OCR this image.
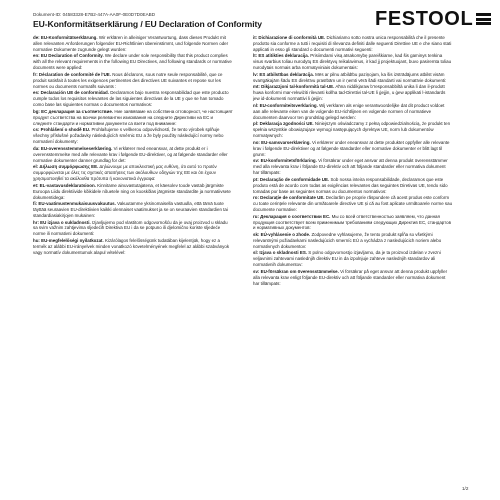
Dokument-ID: 04583328-E7B2-447A-AA0F-0E0D7D0EABD
EU-Konformitätserklärung / EU Declaration of Conformity	FESTOOL

de: EU-Konformitätserklärung. Wir erklären in alleiniger Verantwortung, dass dieses Produkt mit allen relevanten Anforderungen folgender EU-Richtlinien übereinstimmt, und folgende Normen oder normative Dokumente zugrunde gelegt wurden:

en: EU Declaration of Conformity. We declare under sole responsibility that this product complies with all the relevant requirements in the following EU Directives, and following standards or normative documents were applied:

fr: Déclaration de conformité de l'UE. Nous déclarons, sous notre seule responsabilité, que ce produit satisfait à toutes les exigences pertinentes des directives UE suivantes et repose sur les normes ou documents normatifs suivants :

es: Declaración UE de conformidad. Declaramos bajo nuestra responsabilidad que este producto cumple todos los requisitos relevantes de las siguientes directivas de la UE y que se han tomado como base las siguientes normas o documentos normativos:

bg: ЕС декларация за съответствие. Ние заявяваме на собствена отговорност, че настоящият продукт съответства на всички релевантни изисквания на следните Директиви на ЕС и следните стандарти и нормативни документи са взети под внимание:

cs: Prohlášení o shodě EU. Prohlašujeme s veškerou odpovědností, že tento výrobek splňuje všechny příslušné požadavky následujících směrnic EU a že byly použity následující normy nebo normativní dokumenty:

da: EU-overensstemmelseserklæring. Vi erklærer med eneansvar, at dette produkt er i overensstemmelse med alle relevante krav i følgende EU-direktiver, og at følgende standarder eller normative dokumenter danner grundlag for det:

el: Δήλωση συμμόρφωσης ΕΕ. Δηλώνουμε με αποκλειστική μας ευθύνη, ότι αυτό το προϊόν συμμορφώνεται με όλες τις σχετικές απαιτήσεις των ακόλουθων οδηγιών της ΕΕ και ότι έχουν χρησιμοποιηθεί τα ακόλουθα πρότυπα ή κανονιστικά έγγραφα:

et: EL-vastavusdeklaratsioon. Kinnitame ainuvastutajatena, et käesolev toode vastab järgmiste Euroopa Liidu direktiivide kõikidele nõuetele ning on kooskõlas järgmiste standardite ja normatiivsete dokumentidega:

fi: EU-vaatimustenmukaisuusvakuutus. Vakuutamme yksinomaisella vastuulla, että tämä tuote täyttää seuraavien EU-direktiivien kaikki olennaiset vaatimukset ja se on seuraavien standardien tai standardiasiakirjojen mukainen:

hr: EU izjava o sukladnosti. Izjavljujemo pod vlastitom odgovornošću da je ovaj proizvod u skladu sa svim važnim zahtjevima sljedećih Direktiva EU i da se potpuno ili djelomično koriste sljedeće norme ili normativni dokumenti:

hu: EU-megfelelőségi nyilatkozat. Kizárólagos felelősségünk tudatában kijelentjük, hogy ez a termék az alábbi EU-irányelvek minden vonatkozó követelményének megfelel az alábbi szabványok vagy normatív dokumentumok alapul vételével:

it: Dichiarazione di conformità UE. Dichiariamo sotto nostra unica responsabilità che il presente prodotto sia conforme a tutti i requisiti di rilevanza definiti dalle seguenti Direttive UE e che siano stati applicati in esso gli standard o documenti normativi seguenti:

lt: ES atitikties deklaracija. Prisiimdami visą atsakomybę pareiškiame, kad šis gaminys tenkina visus svarbius toliau nurodytų ES direktyvų reikalavimus, ir kad jį projektuojant, buvo pasiremta toliau nurodytais normais arba normatyviniais dokumentais:

lv: ES atbilstības deklarācija. Mēs ar pilnu atbildību paziņojam, ka šis izstrādājums atbilst visām svarīgākajām šādu ES direktīvu prasībām un ir ņemti vērā šādi standarti vai normatīvie dokumenti:

mt: Dikjarazzjoni tal-konformità tal-UE. Aħna niddikjaraw b'responsabbiltà unika li dan il-prodott huwa konformi mar-rekwiżiti rilevanti kollha tad-Direttivi tal-UE li ġejjin, u ġew applikati l-istandards jew id-dokumenti normattivi li ġejjin:

nl: EU-conformiteitsverklaring. Wij verklaren als enige verantwoordelijke dat dit product voldoet aan alle relevante eisen van de volgende EU-richtlijnen en volgende normen of normatieve documenten daarvoor ten grondslag gelegd werden:

pl: Deklaracja zgodności UE. Niniejszym oświadczamy z pełną odpowiedzialnością, że produkt ten spełnia wszystkie obowiązujące wymogi następujących dyrektyw UE, norm lub dokumentów normatywnych:

no: EU-samsvarserklæring. Vi erklærer under eneansvar at dette produktet oppfyller alle relevante krav i følgende EU-direktiver og at følgende standarder eller normative dokumenter er blitt lagt til grunn:

sv: EU-konformitetsförklaring. Vi försäkrar under eget ansvar att denna produkt överensstämmer med alla relevanta krav i följande EU-direktiv och att följande standarder eller normativa dokument har tillämpats:

pt: Declaração de conformidade UE. Sob nossa inteira responsabilidade, declaramos que este produto está de acordo com todas as exigências relevantes das seguintes Diretivas UE, tendo sido tomadas por base as seguintes normas ou documentos normativos:

ro: Declarație de conformitate UE. Declarăm pe proprie răspundere că acest produs este conform cu toate cerințele relevante din următoarele directive UE și că au fost aplicate următoarele norme sau documente normative:

ru: Декларация о соответствии ЕС. Мы со всей ответственностью заявляем, что данная продукция соответствует всем применимым требованиям следующих Директив ЕС, стандартов и нормативных документов:

sk: EÚ-vyhlásenie o zhode. Zodpovedne vyhlasujeme, že tento produkt spĺňa so všetkými relevantnými požiadavkami nasledujúcich smerníc EÚ a vychádza z nasledujúcich noriem alebo normatívnych dokumentov:

sl: Izjava o skladnosti ES. S polno odgovornostjo izjavljamo, da je ta proizvod izdelan v zvezni veljavnimi zahtevami naslednjih direktiv EU in da izpolnjuje zahteve naslednjih standardov ali normativnih dokumentov:

sv: EU-försäkran om överensstämmelse. Vi försäkrar på eget ansvar att denna produkt uppfyller alla relevanta krav enligt följande EU-direktiv och att följande standarder eller normativa dokument har tillämpats:

1/2
